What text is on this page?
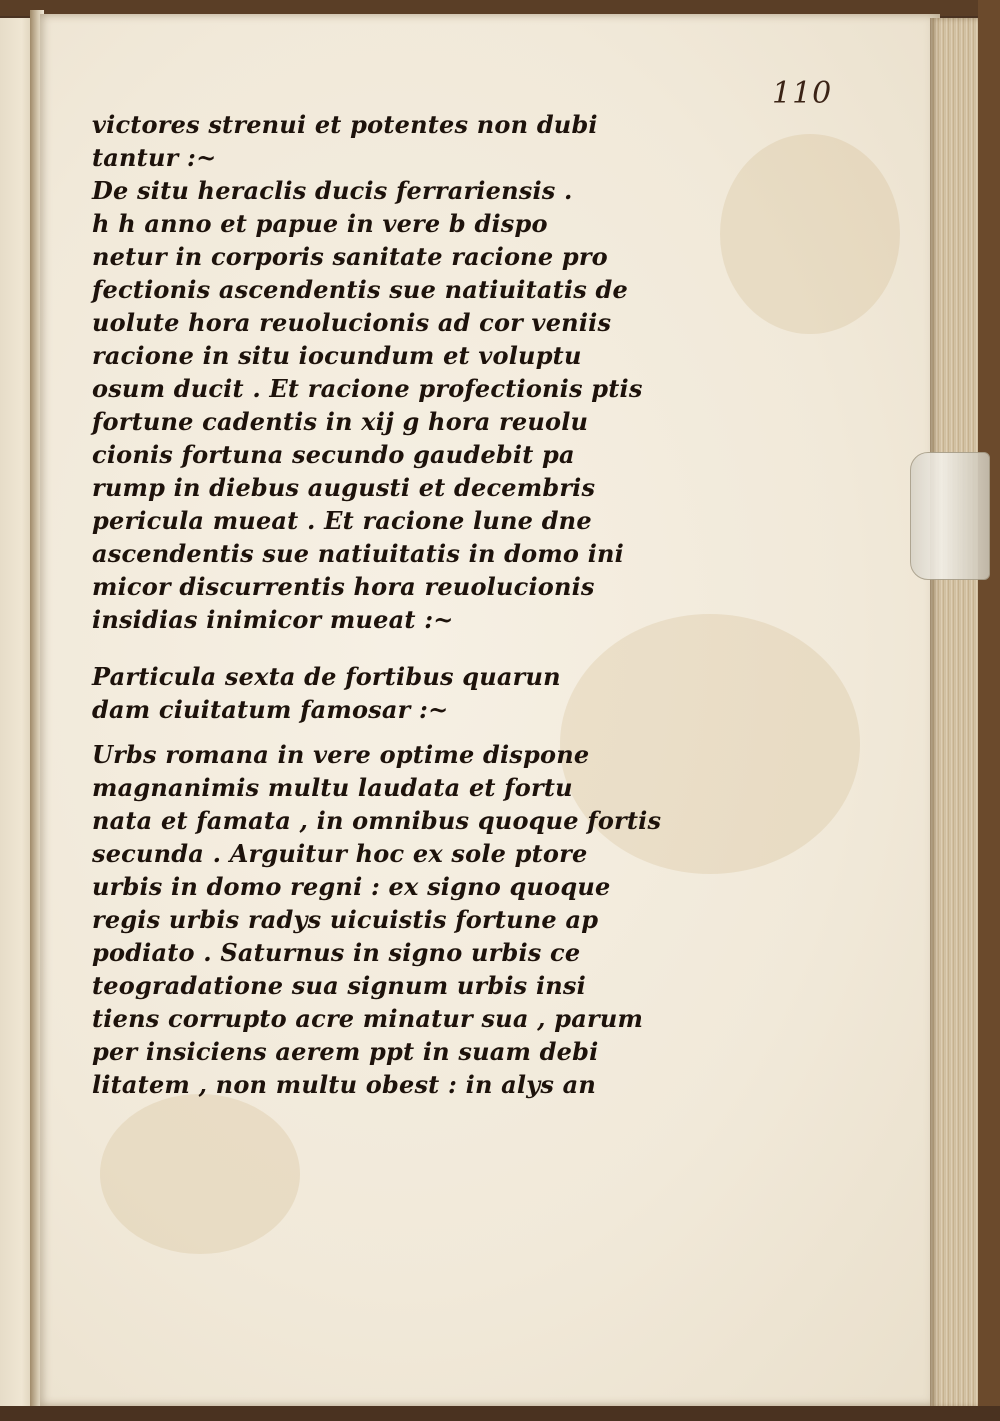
110
victores strenui et potentes non dubi
tantur :~
De situ heraclis ducis ferrariensis .
h h anno et papue in vere b dispo
netur in corporis sanitate racione pro
fectionis ascendentis sue natiuitatis de
uolute hora reuolucionis ad cor veniis
racione in situ iocundum et voluptu
osum ducit . Et racione profectionis ptis
fortune cadentis in xij g hora reuolu
cionis fortuna secundo gaudebit pa
rump in diebus augusti et decembris
pericula mueat . Et racione lune dne
ascendentis sue natiuitatis in domo ini
micor discurrentis hora reuolucionis
insidias inimicor mueat :~
Particula sexta de fortibus quarun
dam ciuitatum famosar :~
Urbs romana in vere optime dispone
magnanimis multu laudata et fortu
nata et famata , in omnibus quoque fortis
secunda . Arguitur hoc ex sole ptore
urbis in domo regni : ex signo quoque
regis urbis radys uicuistis fortune ap
podiato . Saturnus in signo urbis ce
teogradatione sua signum urbis insi
tiens corrupto acre minatur sua , parum
per insiciens aerem ppt in suam debi
litatem , non multu obest : in alys an
